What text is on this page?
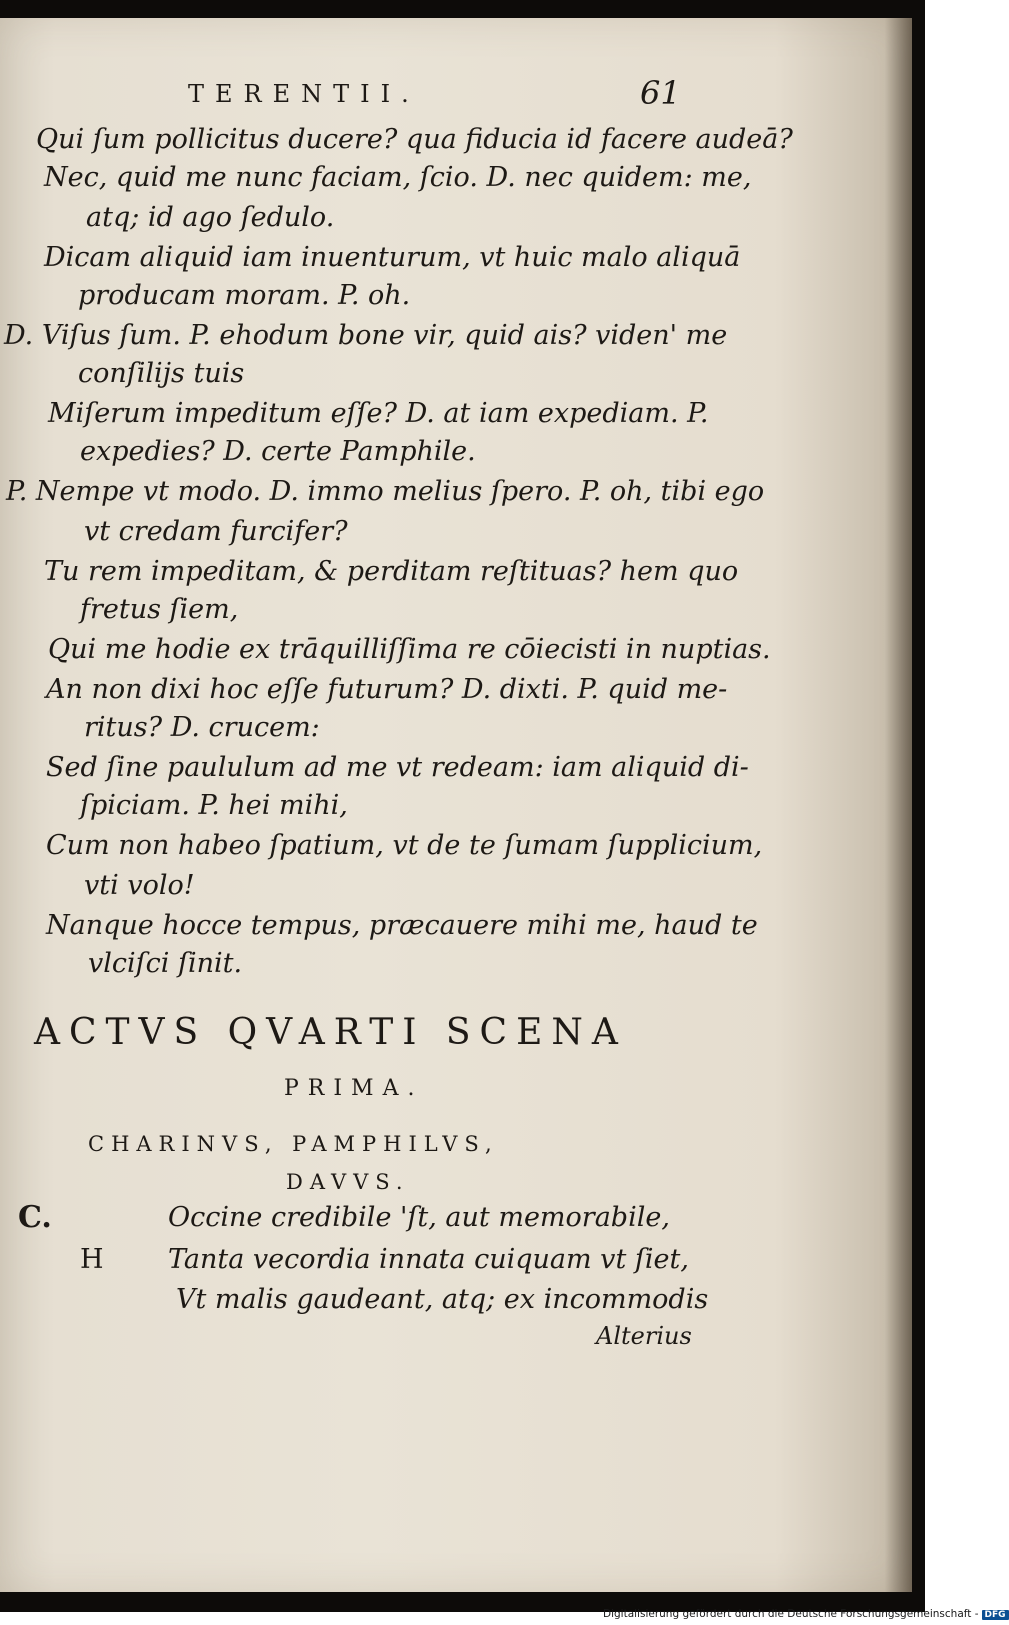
TERENTII.	61
Qui ſum pollicitus ducere? qua fiducia id facere audeā?
Nec, quid me nunc faciam, ſcio. D. nec quidem: me,
atq; id ago ſedulo.
Dicam aliquid iam inuenturum, vt huic malo aliquā
producam moram. P. oh.
D. Viſus ſum. P. ehodum bone vir, quid ais? viden' me
conſilijs tuis
Miſerum impeditum eſſe? D. at iam expediam. P.
expedies? D. certe Pamphile.
P. Nempe vt modo. D. immo melius ſpero. P. oh, tibi ego
vt credam furcifer?
Tu rem impeditam, & perditam reſtituas? hem quo
fretus ſiem,
Qui me hodie ex trāquilliſſima re cōiecisti in nuptias.
An non dixi hoc eſſe futurum? D. dixti. P. quid me-
ritus? D. crucem:
Sed ſine paululum ad me vt redeam: iam aliquid di-
ſpiciam. P. hei mihi,
Cum non habeo ſpatium, vt de te ſumam ſupplicium,
vti volo!
Nanque hocce tempus, præcauere mihi me, haud te
vlciſci ſinit.
ACTVS QVARTI SCENA
PRIMA.
CHARINVS, PAMPHILVS,
DAVVS.
C.
H
Occine credibile 'ſt, aut memorabile,
Tanta vecordia innata cuiquam vt ſiet,
Vt malis gaudeant, atq; ex incommodis
Alterius
Digitalisierung gefördert durch die Deutsche Forschungsgemeinschaft - DFG
